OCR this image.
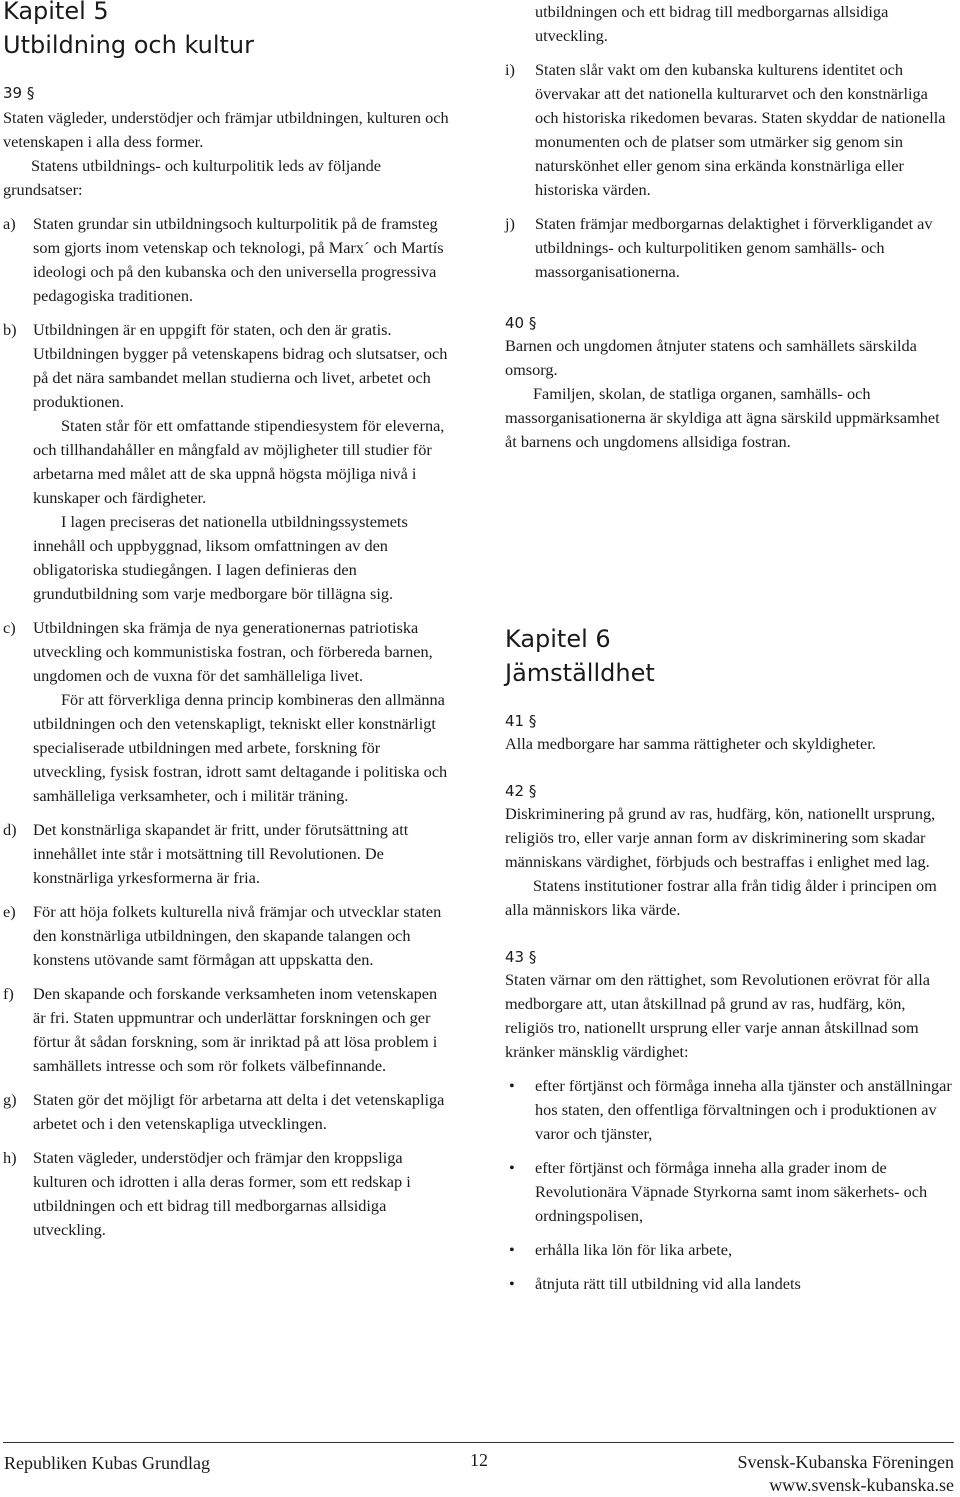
Kapitel 5
Utbildning och kultur
39 §

Staten vägleder, understödjer och främjar utbildningen, kulturen och vetenskapen i alla dess former.

Statens utbildnings- och kulturpolitik leds av följande grundsatser:

a) Staten grundar sin utbildningsoch kulturpolitik på de framsteg som gjorts inom vetenskap och teknologi, på Marx´ och Martís ideologi och på den kubanska och den universella progressiva pedagogiska traditionen.

b) Utbildningen är en uppgift för staten, och den är gratis. Utbildningen bygger på vetenskapens bidrag och slutsatser, och på det nära sambandet mellan studierna och livet, arbetet och produktionen.

Staten står för ett omfattande stipendiesystem för eleverna, och tillhandahåller en mångfald av möjligheter till studier för arbetarna med målet att de ska uppnå högsta möjliga nivå i kunskaper och färdigheter.

I lagen preciseras det nationella utbildningssystemets innehåll och uppbyggnad, liksom omfattningen av den obligatoriska studiegången. I lagen definieras den grundutbildning som varje medborgare bör tillägna sig.

c) Utbildningen ska främja de nya generationernas patriotiska utveckling och kommunistiska fostran, och förbereda barnen, ungdomen och de vuxna för det samhälleliga livet.

För att förverkliga denna princip kombineras den allmänna utbildningen och den vetenskapligt, tekniskt eller konstnärligt specialiserade utbildningen med arbete, forskning för utveckling, fysisk fostran, idrott samt deltagande i politiska och samhälleliga verksamheter, och i militär träning.

d) Det konstnärliga skapandet är fritt, under förutsättning att innehållet inte står i motsättning till Revolutionen. De konstnärliga yrkesformerna är fria.

e) För att höja folkets kulturella nivå främjar och utvecklar staten den konstnärliga utbildningen, den skapande talangen och konstens utövande samt förmågan att uppskatta den.

f) Den skapande och forskande verksamheten inom vetenskapen är fri. Staten uppmuntrar och underlättar forskningen och ger förtur åt sådan forskning, som är inriktad på att lösa problem i samhällets intresse och som rör folkets välbefinnande.

g) Staten gör det möjligt för arbetarna att delta i det vetenskapliga arbetet och i den vetenskapliga utvecklingen.

h) Staten vägleder, understödjer och främjar den kroppsliga kulturen och idrotten i alla deras former, som ett redskap i utbildningen och ett bidrag till medborgarnas allsidiga utveckling.

utbildningen och ett bidrag till medborgarnas allsidiga utveckling.

i) Staten slår vakt om den kubanska kulturens identitet och övervakar att det nationella kulturarvet och den konstnärliga och historiska rikedomen bevaras. Staten skyddar de nationella monumenten och de platser som utmärker sig genom sin naturskönhet eller genom sina erkända konstnärliga eller historiska värden.

j) Staten främjar medborgarnas delaktighet i förverkligandet av utbildnings- och kulturpolitiken genom samhälls- och massorganisationerna.

40 §

Barnen och ungdomen åtnjuter statens och samhällets särskilda omsorg.

Familjen, skolan, de statliga organen, samhälls- och massorganisationerna är skyldiga att ägna särskild uppmärksamhet åt barnens och ungdomens allsidiga fostran.

Kapitel 6
Jämställdhet
41 §

Alla medborgare har samma rättigheter och skyldigheter.

42 §

Diskriminering på grund av ras, hudfärg, kön, nationellt ursprung, religiös tro, eller varje annan form av diskriminering som skadar människans värdighet, förbjuds och bestraffas i enlighet med lag.

Statens institutioner fostrar alla från tidig ålder i principen om alla människors lika värde.

43 §

Staten värnar om den rättighet, som Revolutionen erövrat för alla medborgare att, utan åtskillnad på grund av ras, hudfärg, kön, religiös tro, nationellt ursprung eller varje annan åtskillnad som kränker mänsklig värdighet:

• efter förtjänst och förmåga inneha alla tjänster och anställningar hos staten, den offentliga förvaltningen och i produktionen av varor och tjänster,

• efter förtjänst och förmåga inneha alla grader inom de Revolutionära Väpnade Styrkorna samt inom säkerhets- och ordningspolisen,

• erhålla lika lön för lika arbete,

• åtnjuta rätt till utbildning vid alla landets

Republiken Kubas Grundlag	12	Svensk-Kubanska Föreningen
www.svensk-kubanska.se
